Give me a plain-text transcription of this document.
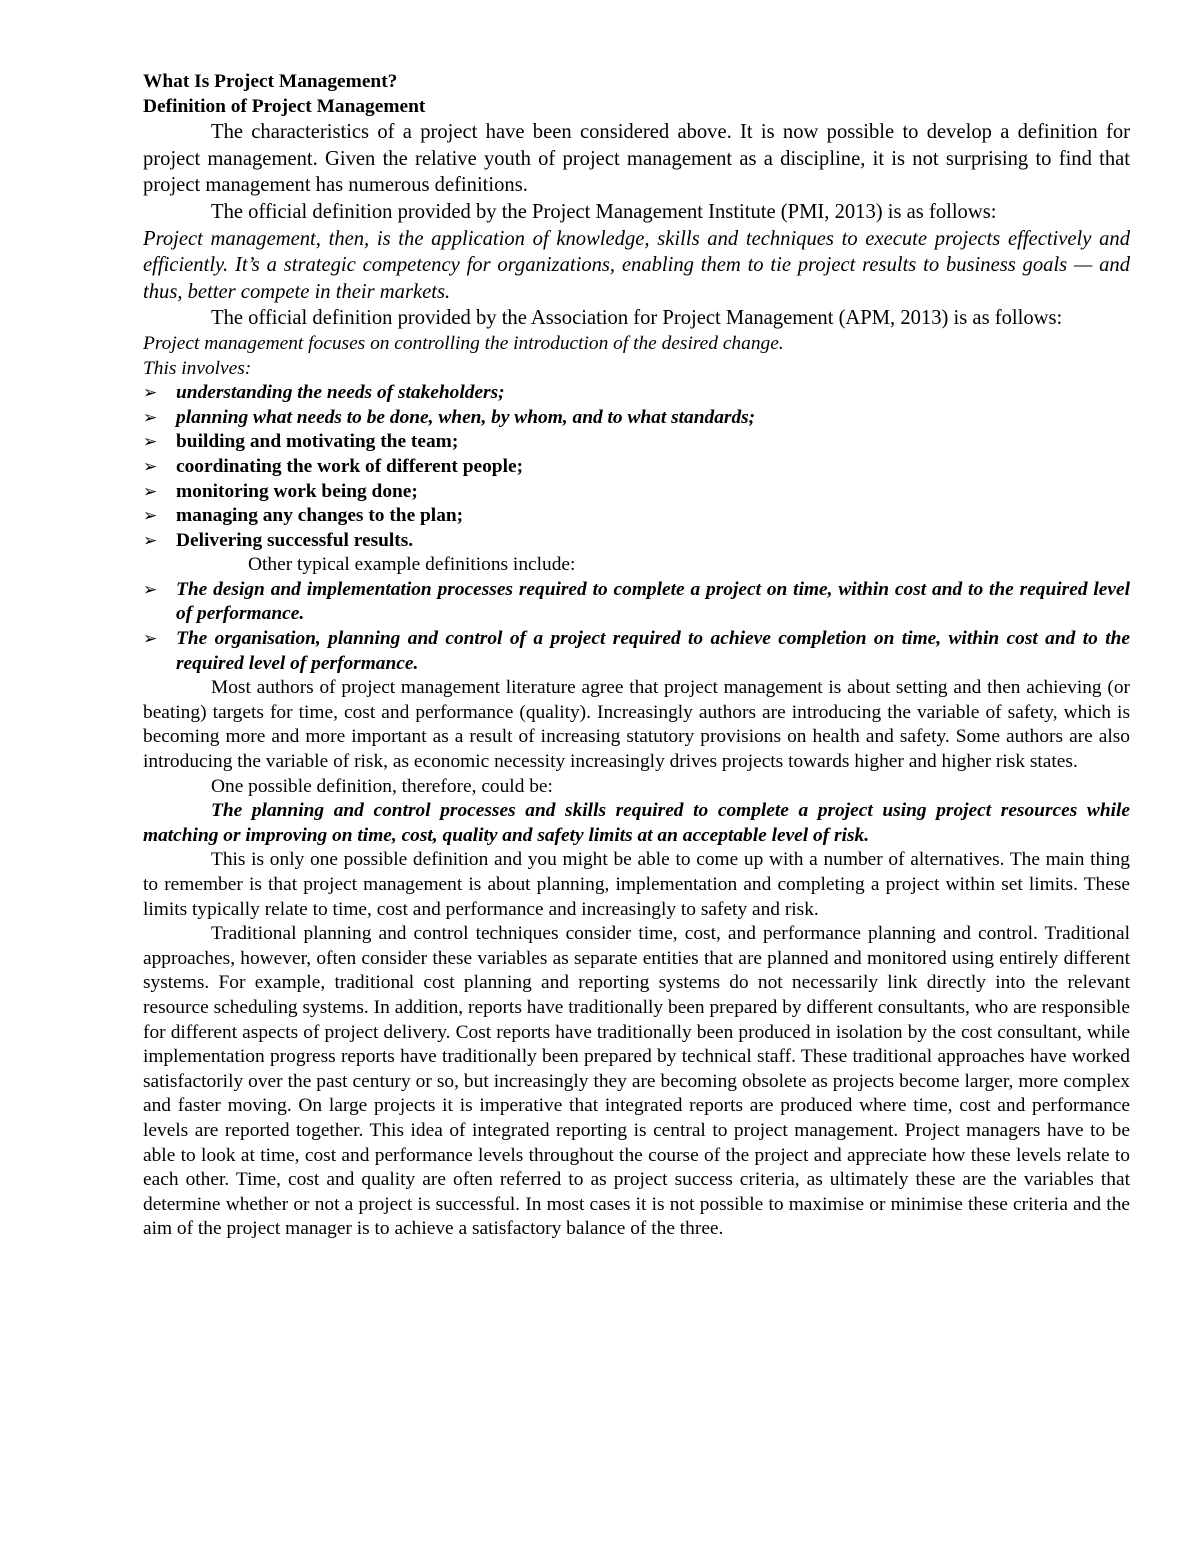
What Is Project Management?

Definition of Project Management

The characteristics of a project have been considered above. It is now possible to develop a definition for project management. Given the relative youth of project management as a discipline, it is not surprising to find that project management has numerous definitions.

The official definition provided by the Project Management Institute (PMI, 2013) is as follows:

Project management, then, is the application of knowledge, skills and techniques to execute projects effectively and efficiently. It’s a strategic competency for organizations, enabling them to tie project results to business goals — and thus, better compete in their markets.

The official definition provided by the Association for Project Management (APM, 2013) is as follows:

Project management focuses on controlling the introduction of the desired change.

This involves:

➢ understanding the needs of stakeholders;
➢ planning what needs to be done, when, by whom, and to what standards;
➢ building and motivating the team;
➢ coordinating the work of different people;
➢ monitoring work being done;
➢ managing any changes to the plan;
➢ Delivering successful results.

Other typical example definitions include:

➢ The design and implementation processes required to complete a project on time, within cost and to the required level of performance.
➢ The organisation, planning and control of a project required to achieve completion on time, within cost and to the required level of performance.

Most authors of project management literature agree that project management is about setting and then achieving (or beating) targets for time, cost and performance (quality). Increasingly authors are introducing the variable of safety, which is becoming more and more important as a result of increasing statutory provisions on health and safety. Some authors are also introducing the variable of risk, as economic necessity increasingly drives projects towards higher and higher risk states.

One possible definition, therefore, could be:

The planning and control processes and skills required to complete a project using project resources while matching or improving on time, cost, quality and safety limits at an acceptable level of risk.

This is only one possible definition and you might be able to come up with a number of alternatives. The main thing to remember is that project management is about planning, implementation and completing a project within set limits. These limits typically relate to time, cost and performance and increasingly to safety and risk.

Traditional planning and control techniques consider time, cost, and performance planning and control. Traditional approaches, however, often consider these variables as separate entities that are planned and monitored using entirely different systems. For example, traditional cost planning and reporting systems do not necessarily link directly into the relevant resource scheduling systems. In addition, reports have traditionally been prepared by different consultants, who are responsible for different aspects of project delivery. Cost reports have traditionally been produced in isolation by the cost consultant, while implementation progress reports have traditionally been prepared by technical staff. These traditional approaches have worked satisfactorily over the past century or so, but increasingly they are becoming obsolete as projects become larger, more complex and faster moving. On large projects it is imperative that integrated reports are produced where time, cost and performance levels are reported together. This idea of integrated reporting is central to project management. Project managers have to be able to look at time, cost and performance levels throughout the course of the project and appreciate how these levels relate to each other. Time, cost and quality are often referred to as project success criteria, as ultimately these are the variables that determine whether or not a project is successful. In most cases it is not possible to maximise or minimise these criteria and the aim of the project manager is to achieve a satisfactory balance of the three.
